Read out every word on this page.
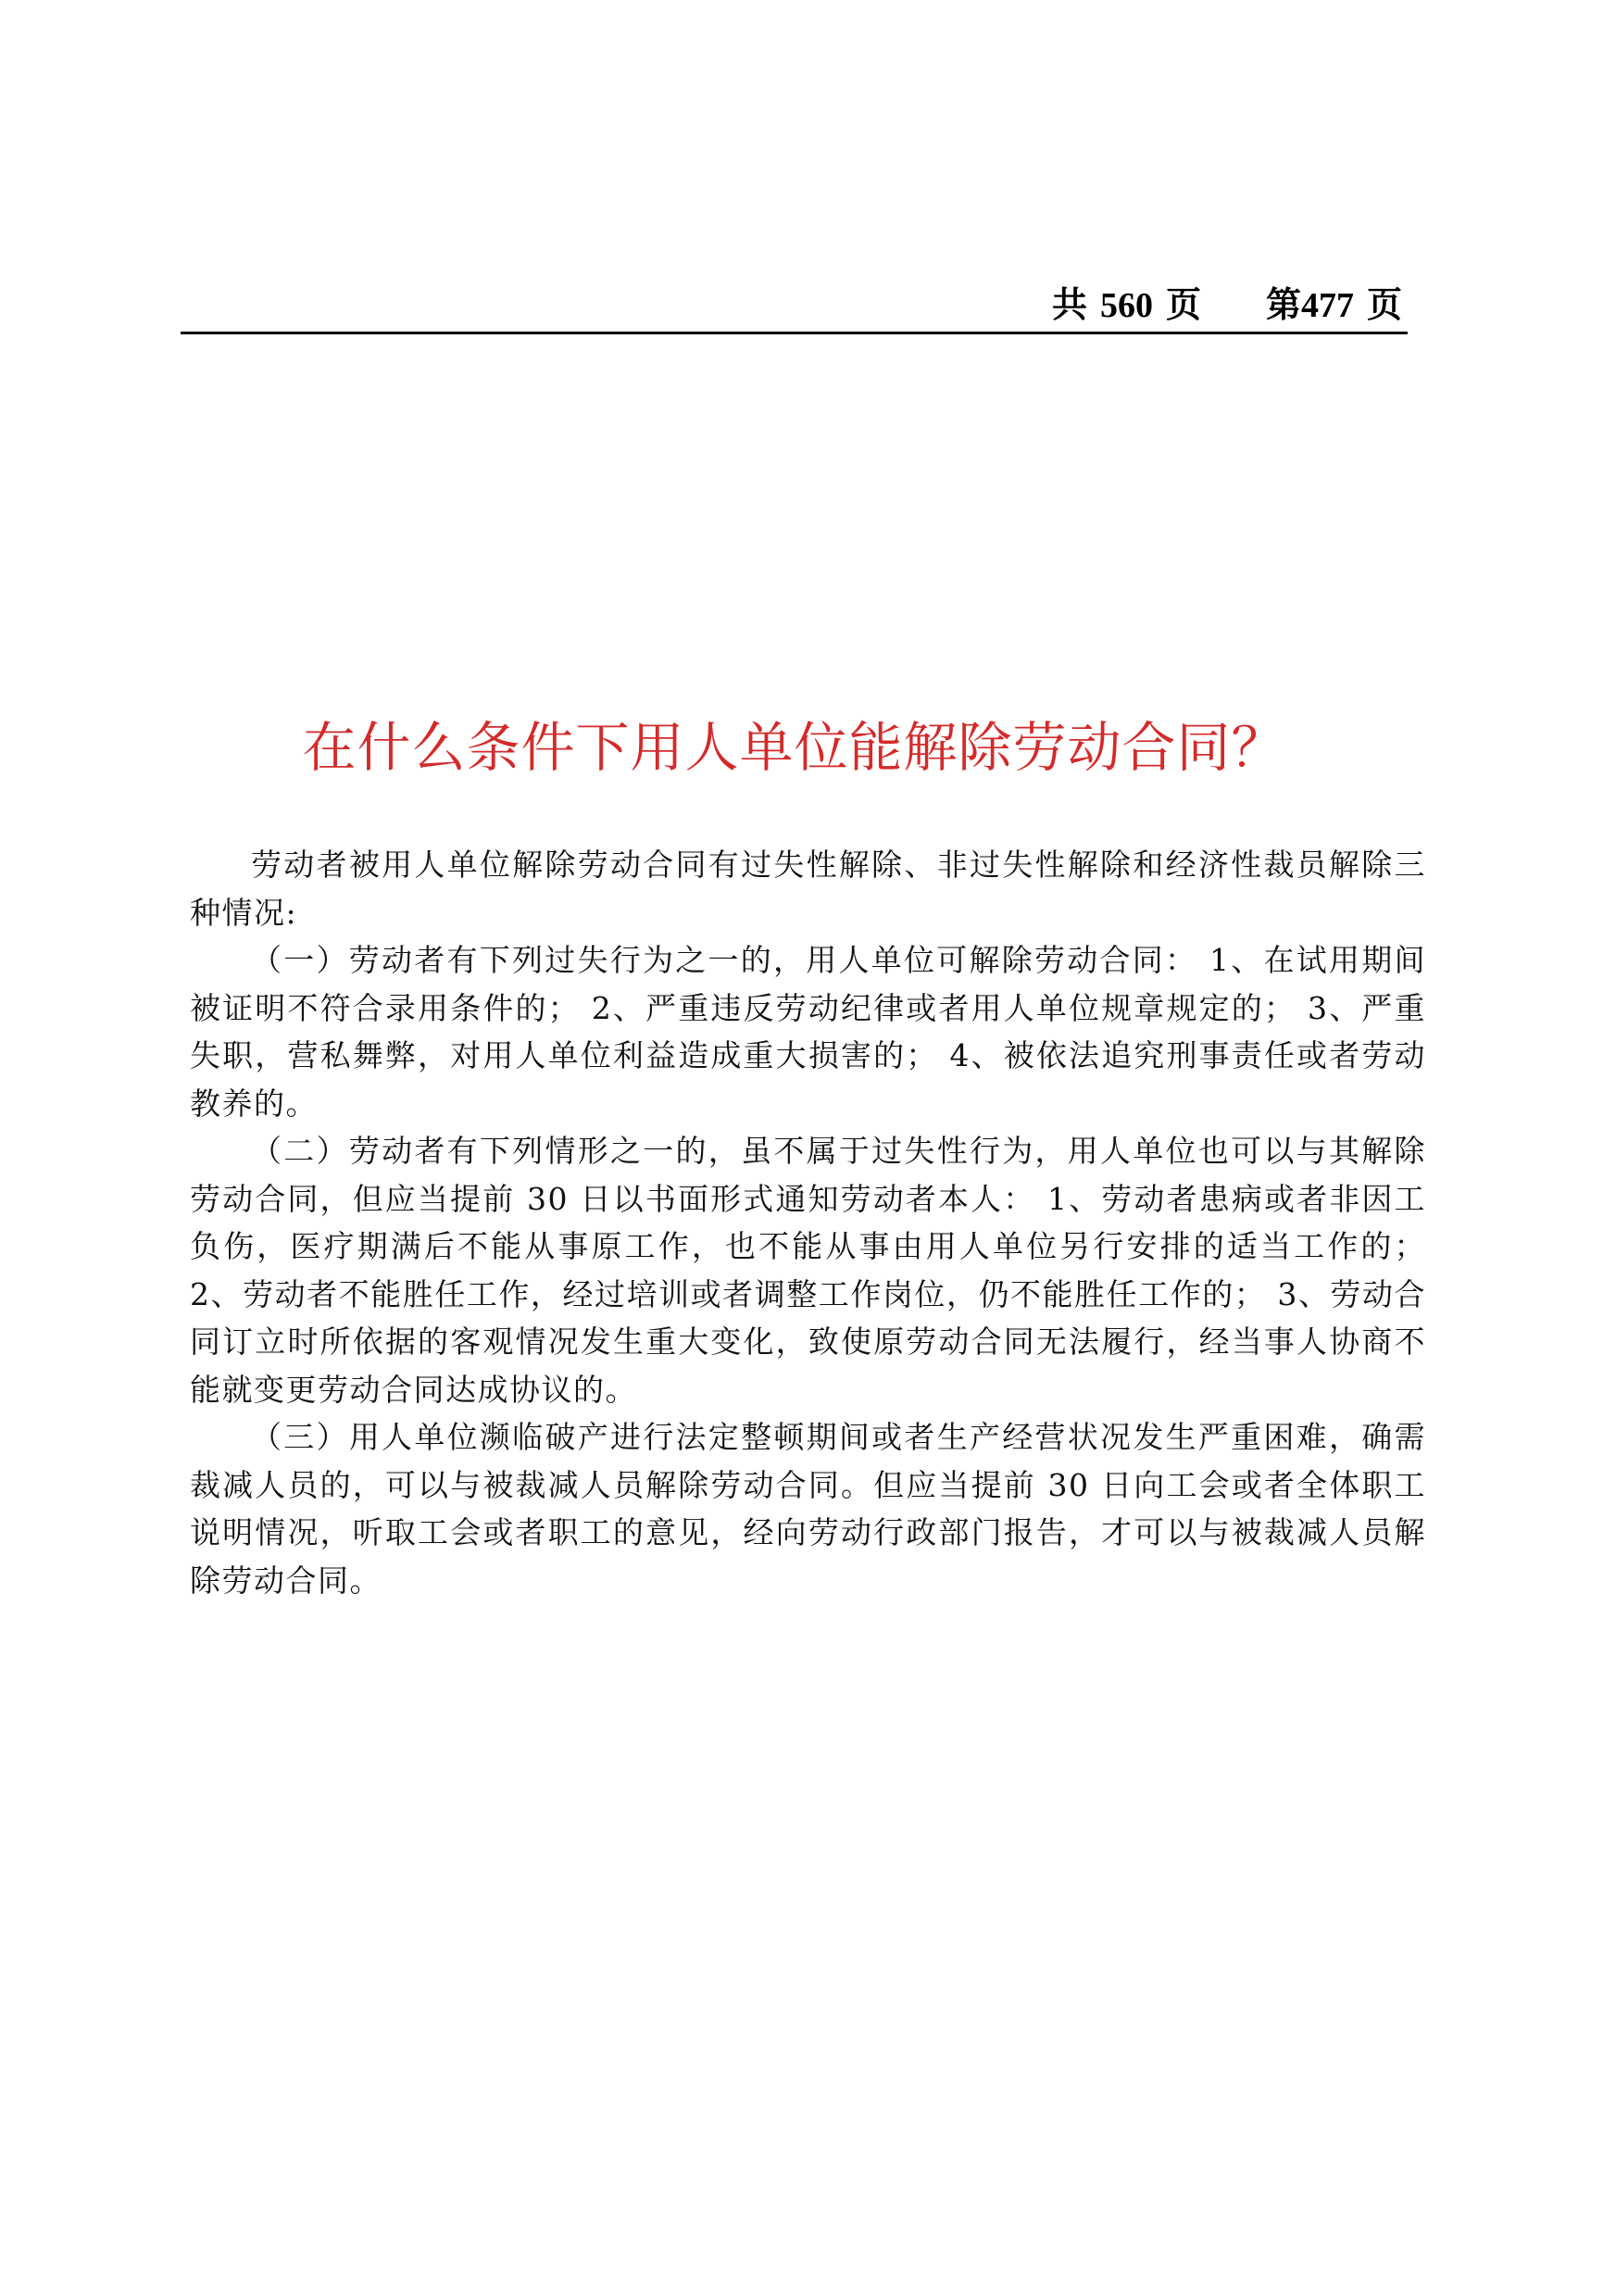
共 560 页 第477 页
在什么条件下用人单位能解除劳动合同？

劳动者被用人单位解除劳动合同有过失性解除、非过失性解除和经济性裁员解除三种情况:

（一）劳动者有下列过失行为之一的，用人单位可解除劳动合同： 1、在试用期间被证明不符合录用条件的； 2、严重违反劳动纪律或者用人单位规章规定的； 3、严重失职，营私舞弊，对用人单位利益造成重大损害的； 4、被依法追究刑事责任或者劳动教养的。

（二）劳动者有下列情形之一的，虽不属于过失性行为，用人单位也可以与其解除劳动合同，但应当提前 30 日以书面形式通知劳动者本人： 1、劳动者患病或者非因工负伤，医疗期满后不能从事原工作，也不能从事由用人单位另行安排的适当工作的； 2、劳动者不能胜任工作，经过培训或者调整工作岗位，仍不能胜任工作的； 3、劳动合同订立时所依据的客观情况发生重大变化，致使原劳动合同无法履行，经当事人协商不能就变更劳动合同达成协议的。

（三）用人单位濒临破产进行法定整顿期间或者生产经营状况发生严重困难，确需裁减人员的，可以与被裁减人员解除劳动合同。但应当提前 30 日向工会或者全体职工说明情况，听取工会或者职工的意见，经向劳动行政部门报告，才可以与被裁减人员解除劳动合同。
